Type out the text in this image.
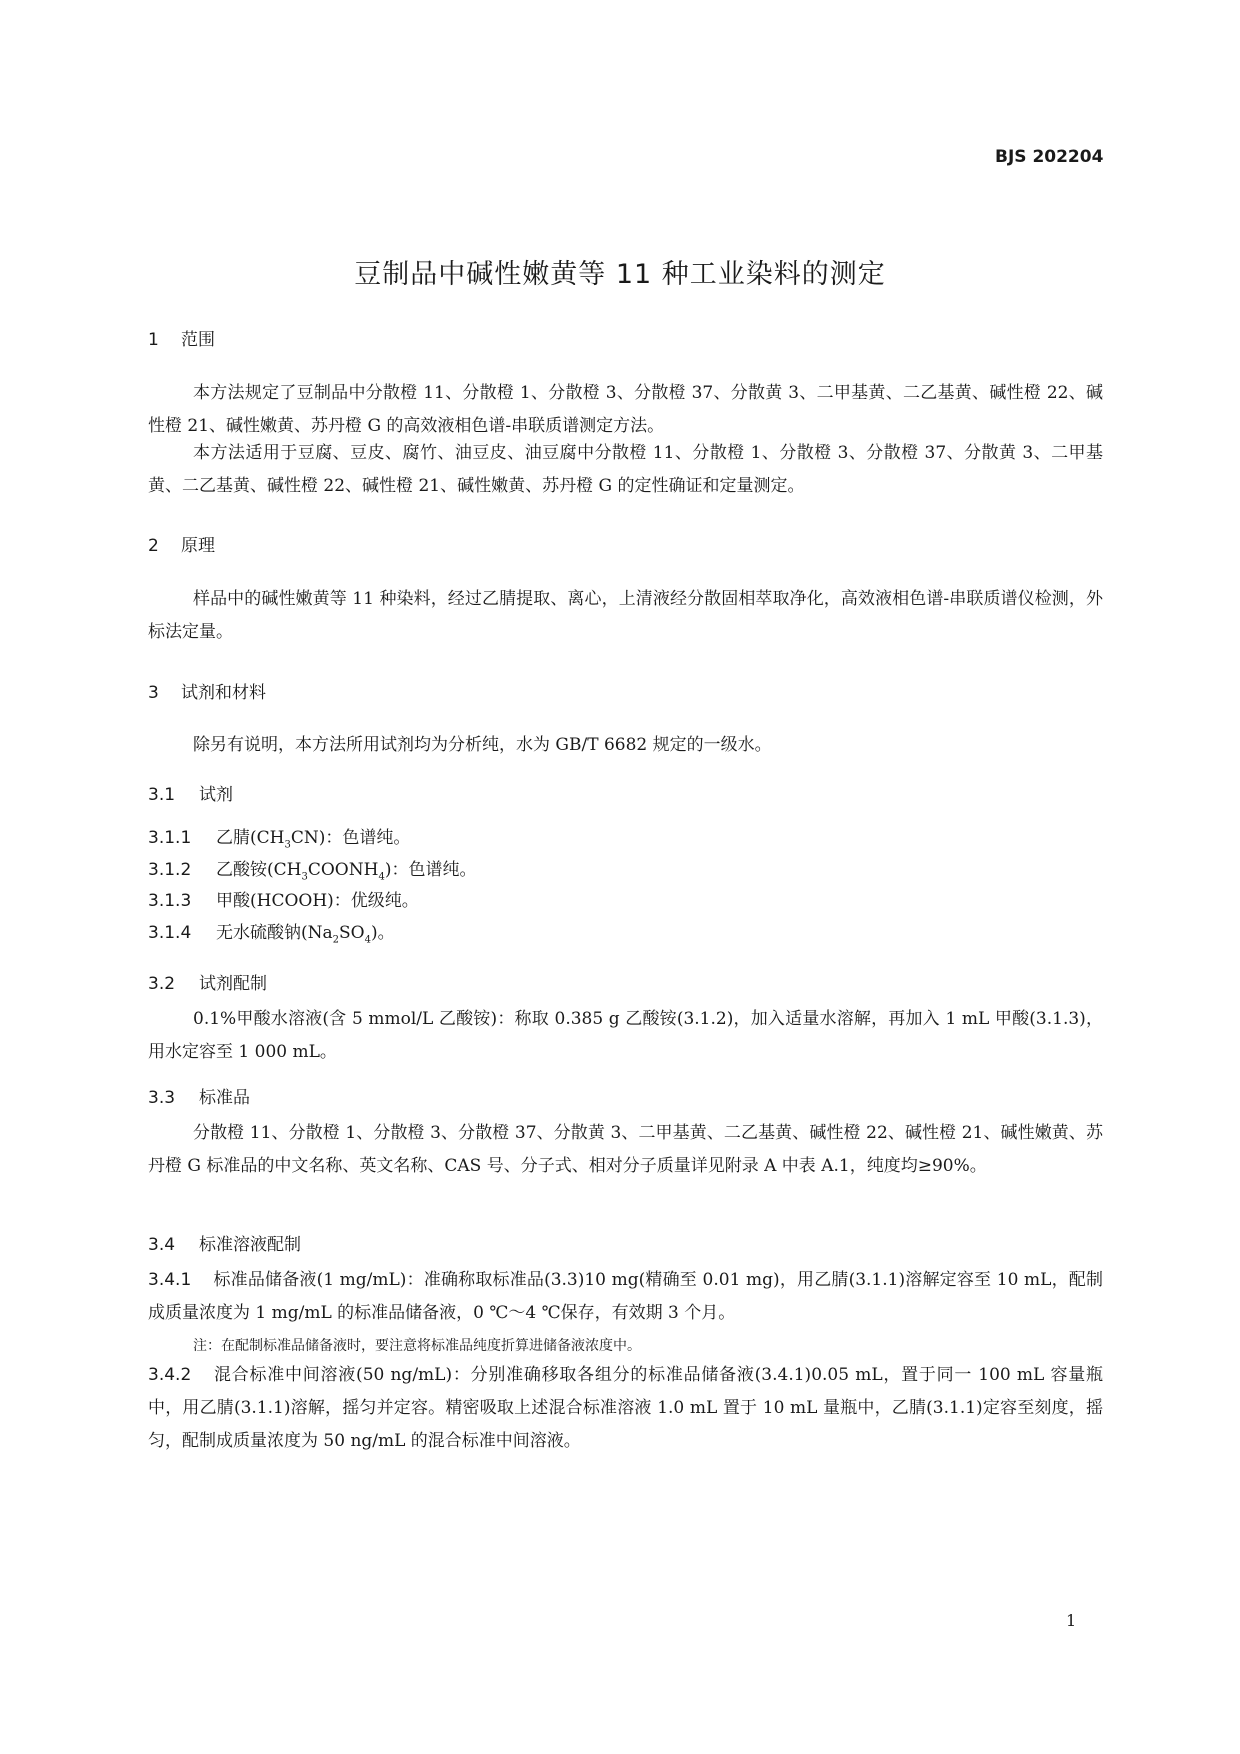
BJS 202204
豆制品中碱性嫩黄等 11 种工业染料的测定
1 范围
本方法规定了豆制品中分散橙 11、分散橙 1、分散橙 3、分散橙 37、分散黄 3、二甲基黄、二乙基黄、碱性橙 22、碱性橙 21、碱性嫩黄、苏丹橙 G 的高效液相色谱-串联质谱测定方法。
本方法适用于豆腐、豆皮、腐竹、油豆皮、油豆腐中分散橙 11、分散橙 1、分散橙 3、分散橙 37、分散黄 3、二甲基黄、二乙基黄、碱性橙 22、碱性橙 21、碱性嫩黄、苏丹橙 G 的定性确证和定量测定。
2 原理
样品中的碱性嫩黄等 11 种染料，经过乙腈提取、离心，上清液经分散固相萃取净化，高效液相色谱-串联质谱仪检测，外标法定量。
3 试剂和材料
除另有说明，本方法所用试剂均为分析纯，水为 GB/T 6682 规定的一级水。
3.1 试剂
3.1.1 乙腈$(CH_3CN)$：色谱纯。
3.1.2 乙酸铵$(CH_3COONH_4)$：色谱纯。
3.1.3 甲酸(HCOOH)：优级纯。
3.1.4 无水硫酸钠$(Na_2SO_4)$。
3.2 试剂配制
0.1%甲酸水溶液(含 5 mmol/L 乙酸铵)：称取 0.385 g 乙酸铵(3.1.2)，加入适量水溶解，再加入 1 mL 甲酸(3.1.3)，用水定容至 1 000 mL。
3.3 标准品
分散橙 11、分散橙 1、分散橙 3、分散橙 37、分散黄 3、二甲基黄、二乙基黄、碱性橙 22、碱性橙 21、碱性嫩黄、苏丹橙 G 标准品的中文名称、英文名称、CAS 号、分子式、相对分子质量详见附录 A 中表 A.1，纯度均≥90%。
3.4 标准溶液配制
3.4.1 标准品储备液(1 mg/mL)：准确称取标准品(3.3)10 mg(精确至 0.01 mg)，用乙腈(3.1.1)溶解定容至 10 mL，配制成质量浓度为 1 mg/mL 的标准品储备液，0 ℃～4 ℃保存，有效期 3 个月。
注：在配制标准品储备液时，要注意将标准品纯度折算进储备液浓度中。
3.4.2 混合标准中间溶液(50 ng/mL)：分别准确移取各组分的标准品储备液(3.4.1)0.05 mL，置于同一 100 mL 容量瓶中，用乙腈(3.1.1)溶解，摇匀并定容。精密吸取上述混合标准溶液 1.0 mL 置于 10 mL 量瓶中，乙腈(3.1.1)定容至刻度，摇匀，配制成质量浓度为 50 ng/mL 的混合标准中间溶液。
1
